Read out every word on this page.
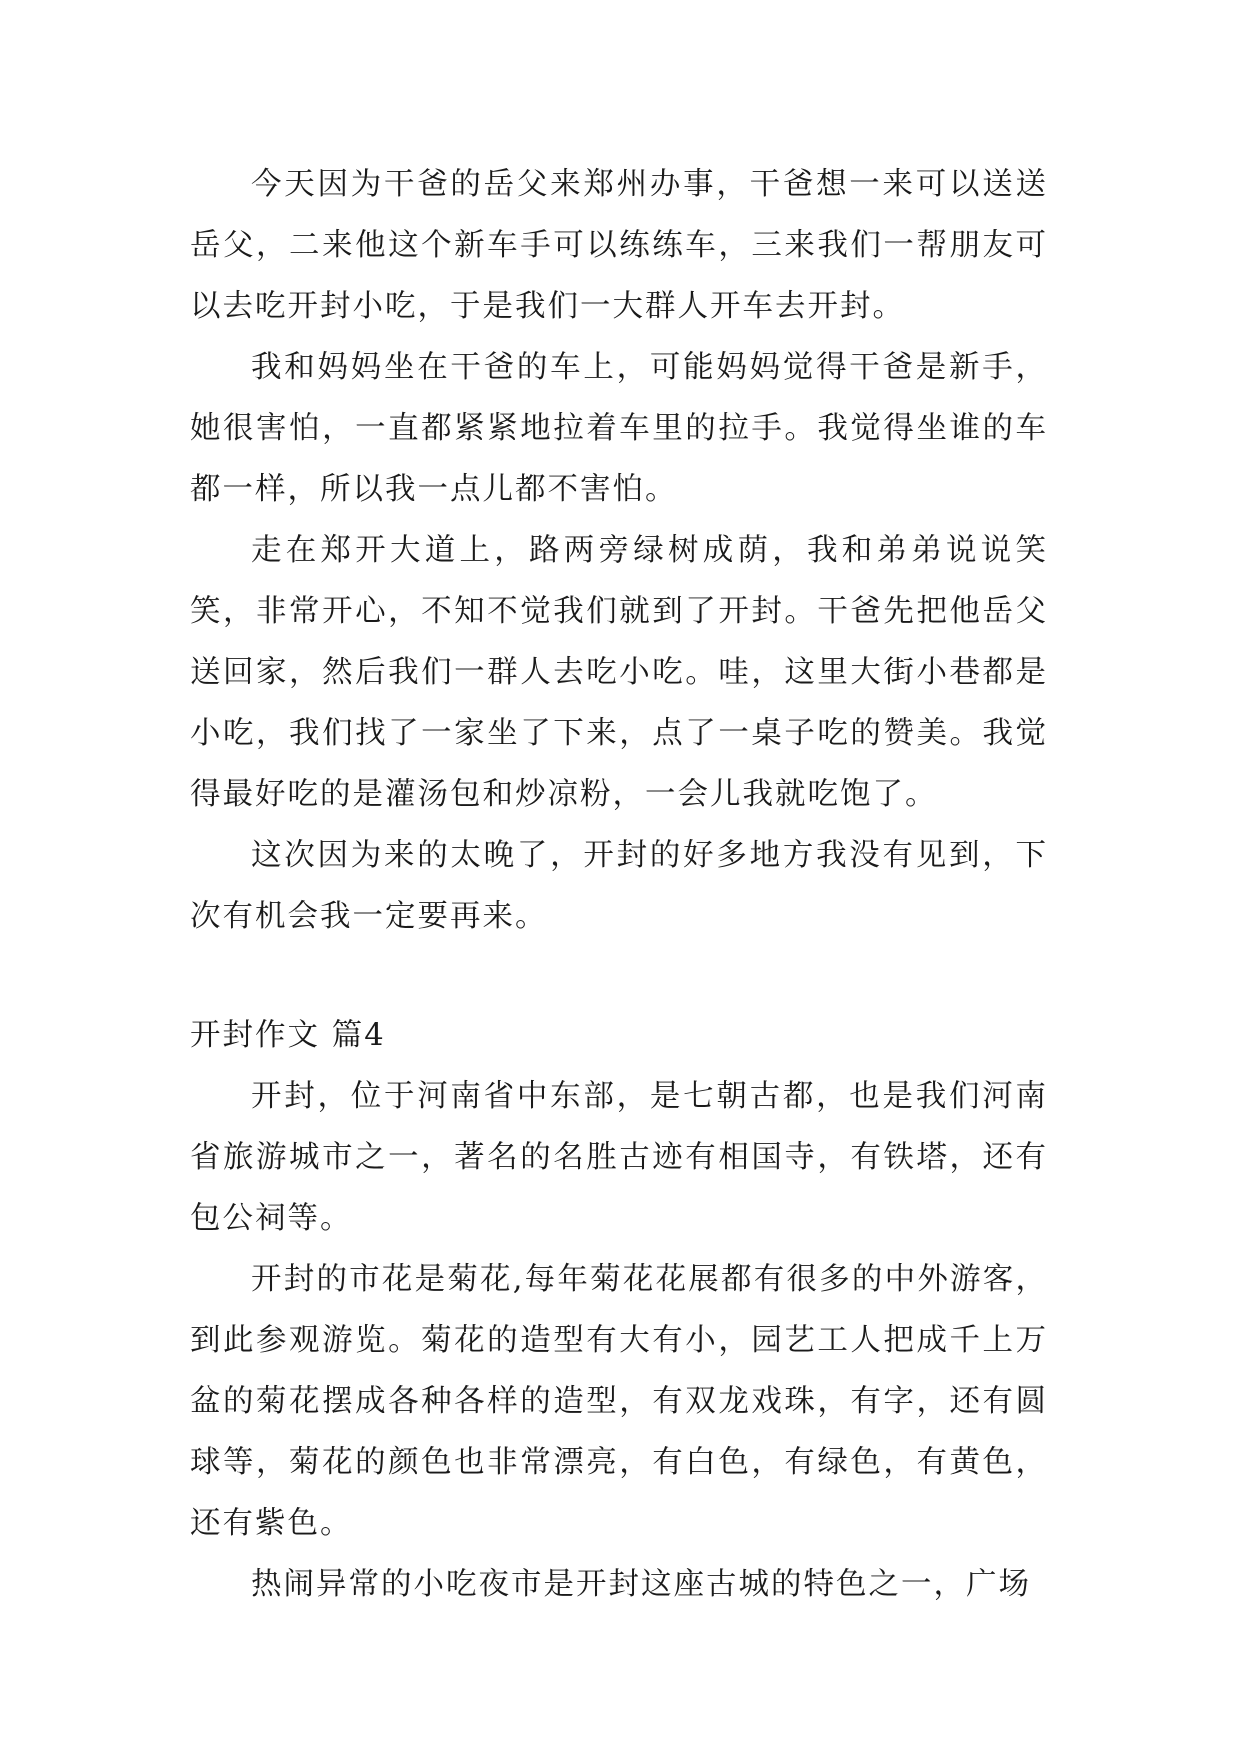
今天因为干爸的岳父来郑州办事，干爸想一来可以送送岳父，二来他这个新车手可以练练车，三来我们一帮朋友可以去吃开封小吃，于是我们一大群人开车去开封。

我和妈妈坐在干爸的车上，可能妈妈觉得干爸是新手，她很害怕，一直都紧紧地拉着车里的拉手。我觉得坐谁的车都一样，所以我一点儿都不害怕。

走在郑开大道上，路两旁绿树成荫，我和弟弟说说笑笑，非常开心，不知不觉我们就到了开封。干爸先把他岳父送回家，然后我们一群人去吃小吃。哇，这里大街小巷都是小吃，我们找了一家坐了下来，点了一桌子吃的赞美。我觉得最好吃的是灌汤包和炒凉粉，一会儿我就吃饱了。

这次因为来的太晚了，开封的好多地方我没有见到，下次有机会我一定要再来。

开封作文 篇4

开封，位于河南省中东部，是七朝古都，也是我们河南省旅游城市之一，著名的名胜古迹有相国寺，有铁塔，还有包公祠等。

开封的市花是菊花,每年菊花花展都有很多的中外游客，到此参观游览。菊花的造型有大有小，园艺工人把成千上万盆的菊花摆成各种各样的造型，有双龙戏珠，有字，还有圆球等，菊花的颜色也非常漂亮，有白色，有绿色，有黄色，还有紫色。

热闹异常的小吃夜市是开封这座古城的特色之一，广场
